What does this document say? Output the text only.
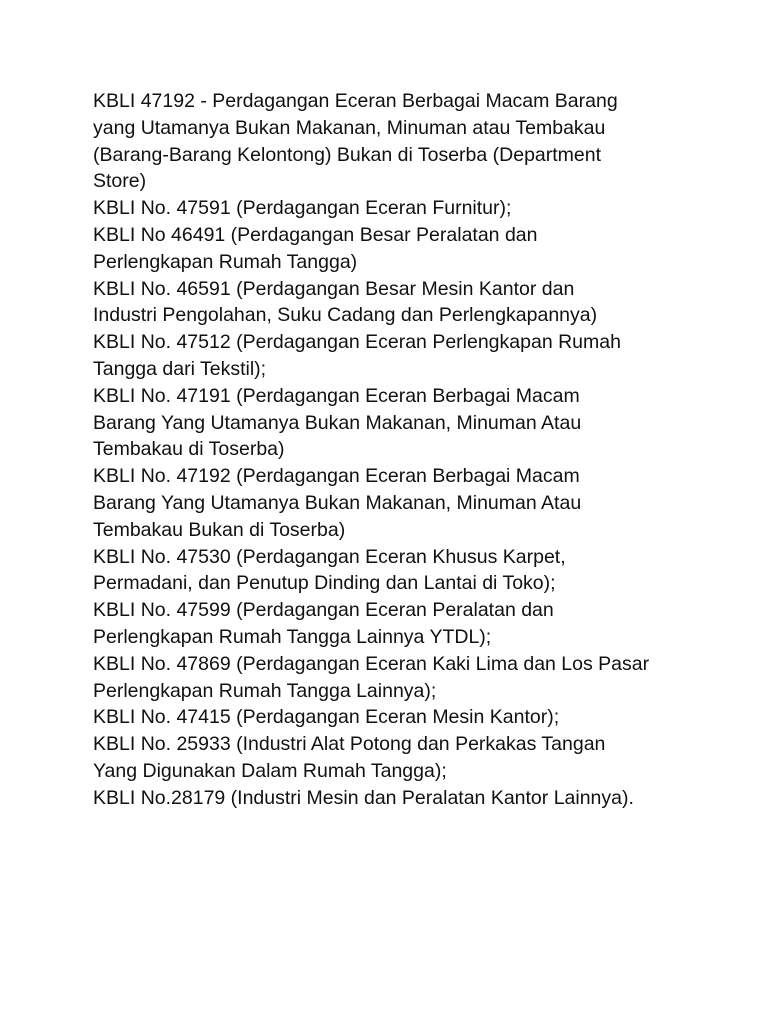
KBLI 47192 - Perdagangan Eceran Berbagai Macam Barang
yang Utamanya Bukan Makanan, Minuman atau Tembakau
(Barang-Barang Kelontong) Bukan di Toserba (Department
Store)
KBLI No. 47591 (Perdagangan Eceran Furnitur);
KBLI No 46491 (Perdagangan Besar Peralatan dan
Perlengkapan Rumah Tangga)
KBLI No. 46591 (Perdagangan Besar Mesin Kantor dan
Industri Pengolahan, Suku Cadang dan Perlengkapannya)
KBLI No. 47512 (Perdagangan Eceran Perlengkapan Rumah
Tangga dari Tekstil);
KBLI No. 47191 (Perdagangan Eceran Berbagai Macam
Barang Yang Utamanya Bukan Makanan, Minuman Atau
Tembakau di Toserba)
KBLI No. 47192 (Perdagangan Eceran Berbagai Macam
Barang Yang Utamanya Bukan Makanan, Minuman Atau
Tembakau Bukan di Toserba)
KBLI No. 47530 (Perdagangan Eceran Khusus Karpet,
Permadani, dan Penutup Dinding dan Lantai di Toko);
KBLI No. 47599 (Perdagangan Eceran Peralatan dan
Perlengkapan Rumah Tangga Lainnya YTDL);
KBLI No. 47869 (Perdagangan Eceran Kaki Lima dan Los Pasar
Perlengkapan Rumah Tangga Lainnya);
KBLI No. 47415 (Perdagangan Eceran Mesin Kantor);
KBLI No. 25933 (Industri Alat Potong dan Perkakas Tangan
Yang Digunakan Dalam Rumah Tangga);
KBLI No.28179 (Industri Mesin dan Peralatan Kantor Lainnya).
